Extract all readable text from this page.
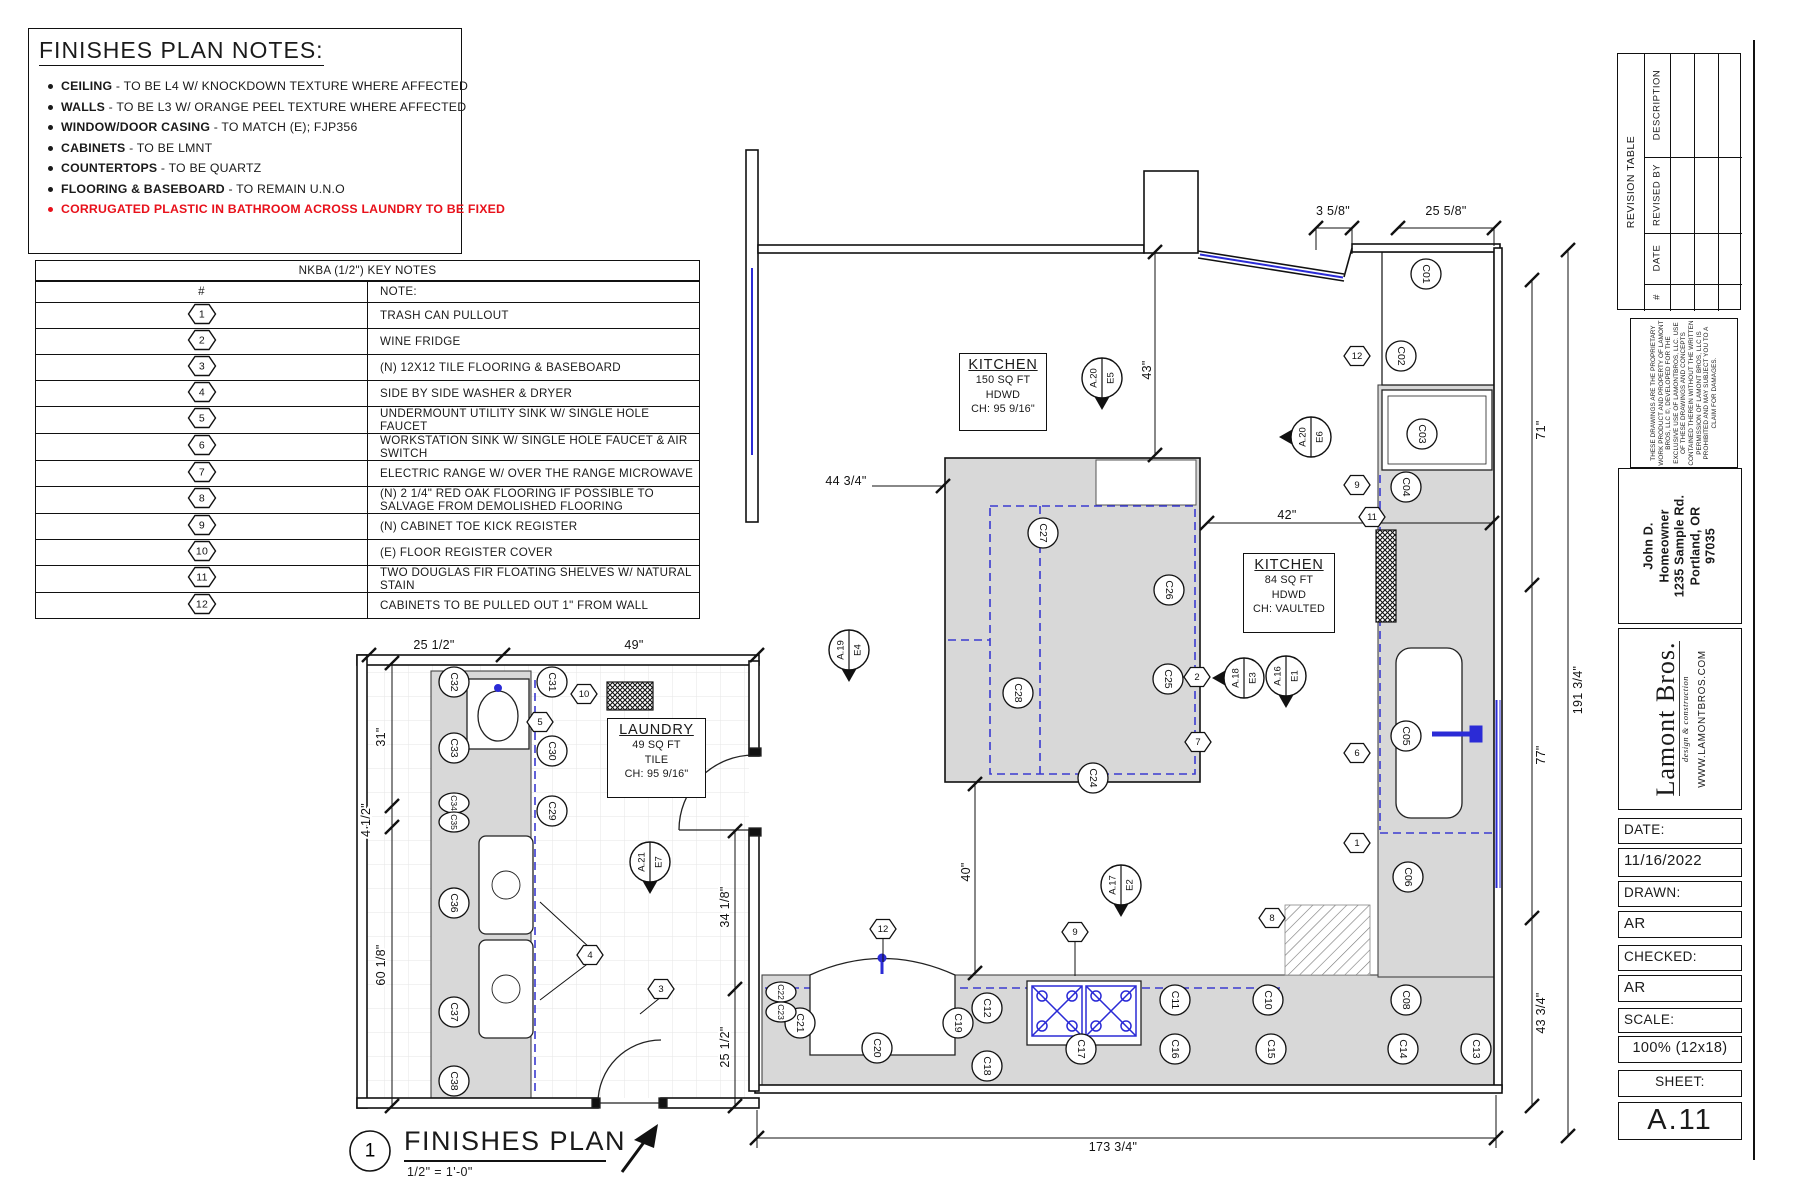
3 5/8"	25 5/8"
43"
44 3/4"
42"
71"
77"
43 3/4"
191 3/4"
173 3/4"
25 1/2"	49"
31"
4 1/2"
60 1/8"
34 1/8"
25 1/2"
40"
E5
A.20
E6
A.20
E4
A.19
E3
A.18	E1
A.16
E2
A.17
E7
A.21
10
5
4
3
12	9
2
7
6
1
8
12
9
11
C01
C02
C03
C04
C05
C06
C08
C10
C11
C12
C13
C14
C15
C16
C17
C18
C19
C20
C21
C22
C23
C24
C25
C26
C27
C28
C29
C30
C31
C32
C33
C34
C35
C36
C37
C38
1
FINISHES PLAN NOTES:
CEILING - TO BE L4 W/ KNOCKDOWN TEXTURE WHERE AFFECTED
WALLS - TO BE L3 W/ ORANGE PEEL TEXTURE WHERE AFFECTED
WINDOW/DOOR CASING - TO MATCH (E); FJP356
CABINETS - TO BE LMNT
COUNTERTOPS - TO BE QUARTZ
FLOORING & BASEBOARD - TO REMAIN U.N.O
CORRUGATED PLASTIC IN BATHROOM ACROSS LAUNDRY TO BE FIXED
NKBA (1/2") KEY NOTES	
#	NOTE:

1	TRASH CAN PULLOUT

2	WINE FRIDGE

3	(N) 12X12 TILE FLOORING & BASEBOARD

4	SIDE BY SIDE WASHER & DRYER

5	UNDERMOUNT UTILITY SINK W/ SINGLE HOLE FAUCET

6	WORKSTATION SINK W/ SINGLE HOLE FAUCET & AIR SWITCH

7	ELECTRIC RANGE W/ OVER THE RANGE MICROWAVE

8	(N) 2 1/4" RED OAK FLOORING IF POSSIBLE TO SALVAGE FROM DEMOLISHED FLOORING

9	(N) CABINET TOE KICK REGISTER

10	(E) FLOOR REGISTER COVER

11	TWO DOUGLAS FIR FLOATING SHELVES W/ NATURAL STAIN

12	CABINETS TO BE PULLED OUT 1" FROM WALL
KITCHEN
150 SQ FT
HDWD
CH: 95 9/16"
KITCHEN
84 SQ FT
HDWD
CH: VAULTED
LAUNDRY
49 SQ FT
TILE
CH: 95 9/16"
FINISHES PLAN
1/2" = 1'-0"
REVISION TABLE
DESCRIPTION
REVISED BY
DATE
#
THESE DRAWINGS ARE THE PROPRIETARY WORK PRODUCT AND PROPERTY OF LAMONT BROS, LLC ©, DEVELOPED FOR THE EXCLUSIVE USE OF LAMONTBROS, LLC. USE OF THESE DRAWINGS AND CONCEPTS CONTAINED THEREIN WITHOUT THE WRITTEN PERMISSION OF LAMONT BROS, LLC IS PROHIBITED AND MAY SUBJECT YOU TO A CLAIM FOR DAMAGES.
John D. Homeowner 1235 Sample Rd. Portland, OR 97035
Lamont Bros. design & construction WWW.LAMONTBROS.COM
DATE:
11/16/2022
DRAWN:
AR
CHECKED:
AR
SCALE:
100% (12x18)
SHEET:
A.11
